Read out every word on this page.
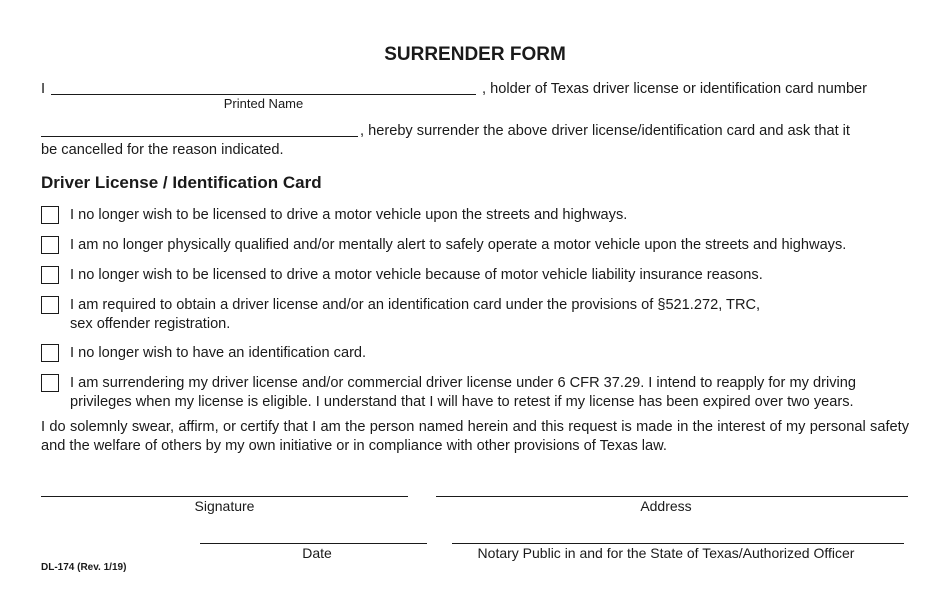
SURRENDER FORM
I	, holder of Texas driver license or identification card number
Printed Name
, hereby surrender the above driver license/identification card and ask that it
be cancelled for the reason indicated.
Driver License / Identification Card
I no longer wish to be licensed to drive a motor vehicle upon the streets and highways.
I am no longer physically qualified and/or mentally alert to safely operate a motor vehicle upon the streets and highways.
I no longer wish to be licensed to drive a motor vehicle because of motor vehicle liability insurance reasons.
I am required to obtain a driver license and/or an identification card under the provisions of §521.272, TRC,
sex offender registration.
I no longer wish to have an identification card.
I am surrendering my driver license and/or commercial driver license under 6 CFR 37.29. I intend to reapply for my driving
privileges when my license is eligible. I understand that I will have to retest if my license has been expired over two years.
I do solemnly swear, affirm, or certify that I am the person named herein and this request is made in the interest of my personal safety and the welfare of others by my own initiative or in compliance with other provisions of Texas law.
Signature	Address
Date	Notary Public in and for the State of Texas/Authorized Officer
DL-174 (Rev. 1/19)
